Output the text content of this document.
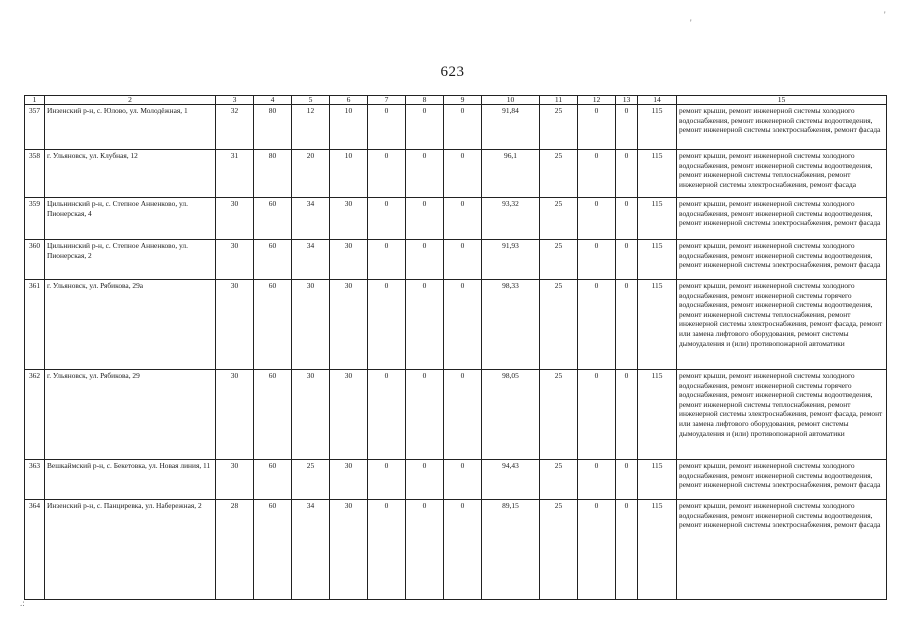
623
1	2	3	4	5	6	7	8	9	10	11	12	13	14	15
357	Инзенский р-н, с. Юлово, ул. Молодёжная, 1	32	80	12	10	0	0	0	91,84	25	0	0	115	ремонт крыши, ремонт инженерной системы холодного водоснабжения, ремонт инженерной системы водоотведения, ремонт инженерной системы электроснабжения, ремонт фасада
358	г. Ульяновск, ул. Клубная, 12	31	80	20	10	0	0	0	96,1	25	0	0	115	ремонт крыши, ремонт инженерной системы холодного водоснабжения, ремонт инженерной системы водоотведения, ремонт инженерной системы теплоснабжения, ремонт инженерной системы электроснабжения, ремонт фасада
359	Цильнинский р-н, с. Степное Анненково, ул. Пионерская, 4	30	60	34	30	0	0	0	93,32	25	0	0	115	ремонт крыши, ремонт инженерной системы холодного водоснабжения, ремонт инженерной системы водоотведения, ремонт инженерной системы электроснабжения, ремонт фасада
360	Цильнинский р-н, с. Степное Анненково, ул. Пионерская, 2	30	60	34	30	0	0	0	91,93	25	0	0	115	ремонт крыши, ремонт инженерной системы холодного водоснабжения, ремонт инженерной системы водоотведения, ремонт инженерной системы электроснабжения, ремонт фасада
361	г. Ульяновск, ул. Рябикова, 29а	30	60	30	30	0	0	0	98,33	25	0	0	115	ремонт крыши, ремонт инженерной системы холодного водоснабжения, ремонт инженерной системы горячего водоснабжения, ремонт инженерной системы водоотведения, ремонт инженерной системы теплоснабжения, ремонт инженерной системы электроснабжения, ремонт фасада, ремонт или замена лифтового оборудования, ремонт системы дымоудаления и (или) противопожарной автоматики
362	г. Ульяновск, ул. Рябикова, 29	30	60	30	30	0	0	0	98,05	25	0	0	115	ремонт крыши, ремонт инженерной системы холодного водоснабжения, ремонт инженерной системы горячего водоснабжения, ремонт инженерной системы водоотведения, ремонт инженерной системы теплоснабжения, ремонт инженерной системы электроснабжения, ремонт фасада, ремонт или замена лифтового оборудования, ремонт системы дымоудаления и (или) противопожарной автоматики
363	Вешкаймский р-н, с. Бекетовка, ул. Новая линия, 11	30	60	25	30	0	0	0	94,43	25	0	0	115	ремонт крыши, ремонт инженерной системы холодного водоснабжения, ремонт инженерной системы водоотведения, ремонт инженерной системы электроснабжения, ремонт фасада
364	Инзенский р-н, с. Панциревка, ул. Набережная, 2	28	60	34	30	0	0	0	89,15	25	0	0	115	ремонт крыши, ремонт инженерной системы холодного водоснабжения, ремонт инженерной системы водоотведения, ремонт инженерной системы электроснабжения, ремонт фасада
'
'
.:
